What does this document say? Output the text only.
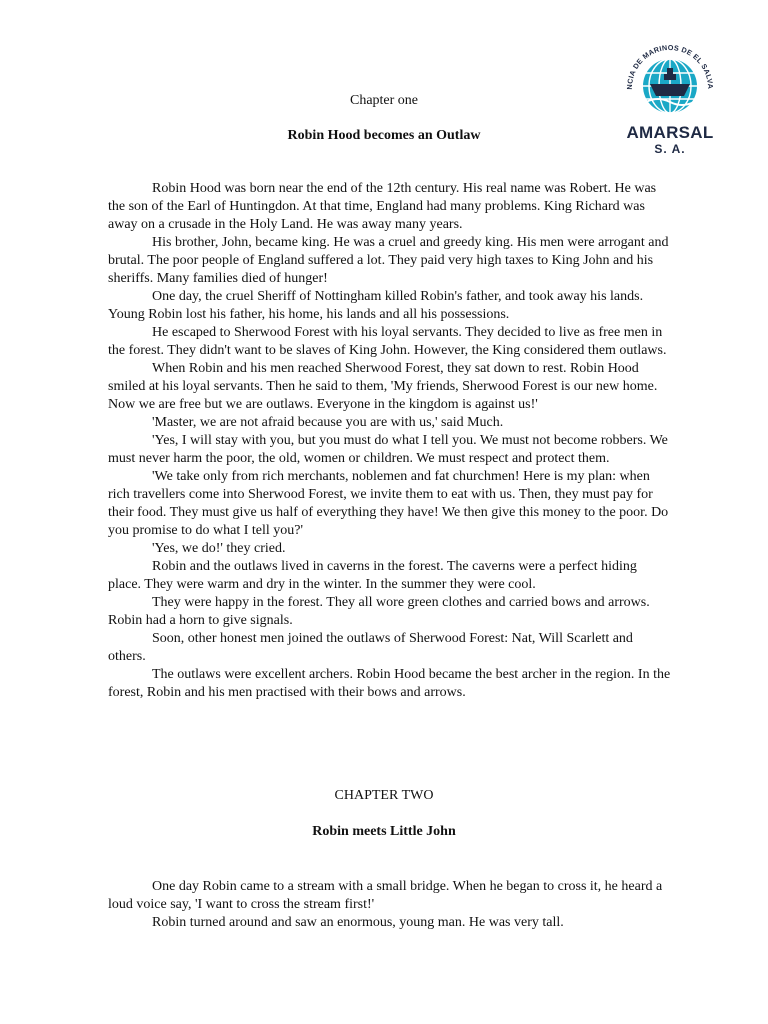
NCIA DE MARINOS DE EL SALVA
AMARSAL
S. A.
Chapter one
Robin Hood becomes an Outlaw

Robin Hood was born near the end of the 12th century. His real name was Robert. He was the son of the Earl of Huntingdon. At that time, England had many problems. King Richard was away on a crusade in the Holy Land. He was away many years.

His brother, John, became king. He was a cruel and greedy king. His men were arrogant and brutal. The poor people of England suffered a lot. They paid very high taxes to King John and his sheriffs. Many families died of hunger!

One day, the cruel Sheriff of Nottingham killed Robin's father, and took away his lands. Young Robin lost his father, his home, his lands and all his possessions.

He escaped to Sherwood Forest with his loyal servants. They decided to live as free men in the forest. They didn't want to be slaves of King John. However, the King considered them outlaws.

When Robin and his men reached Sherwood Forest, they sat down to rest. Robin Hood smiled at his loyal servants. Then he said to them, 'My friends, Sherwood Forest is our new home. Now we are free but we are outlaws. Everyone in the kingdom is against us!'

'Master, we are not afraid because you are with us,' said Much.

'Yes, I will stay with you, but you must do what I tell you. We must not become robbers. We must never harm the poor, the old, women or children. We must respect and protect them.

'We take only from rich merchants, noblemen and fat churchmen! Here is my plan: when rich travellers come into Sherwood Forest, we invite them to eat with us. Then, they must pay for their food. They must give us half of everything they have! We then give this money to the poor. Do you promise to do what I tell you?'

'Yes, we do!' they cried.

Robin and the outlaws lived in caverns in the forest. The caverns were a perfect hiding place. They were warm and dry in the winter. In the summer they were cool.

They were happy in the forest. They all wore green clothes and carried bows and arrows. Robin had a horn to give signals.

Soon, other honest men joined the outlaws of Sherwood Forest: Nat, Will Scarlett and others.

The outlaws were excellent archers. Robin Hood became the best archer in the region. In the forest, Robin and his men practised with their bows and arrows.

CHAPTER TWO
Robin meets Little John

One day Robin came to a stream with a small bridge. When he began to cross it, he heard a loud voice say, 'I want to cross the stream first!'

Robin turned around and saw an enormous, young man. He was very tall.
